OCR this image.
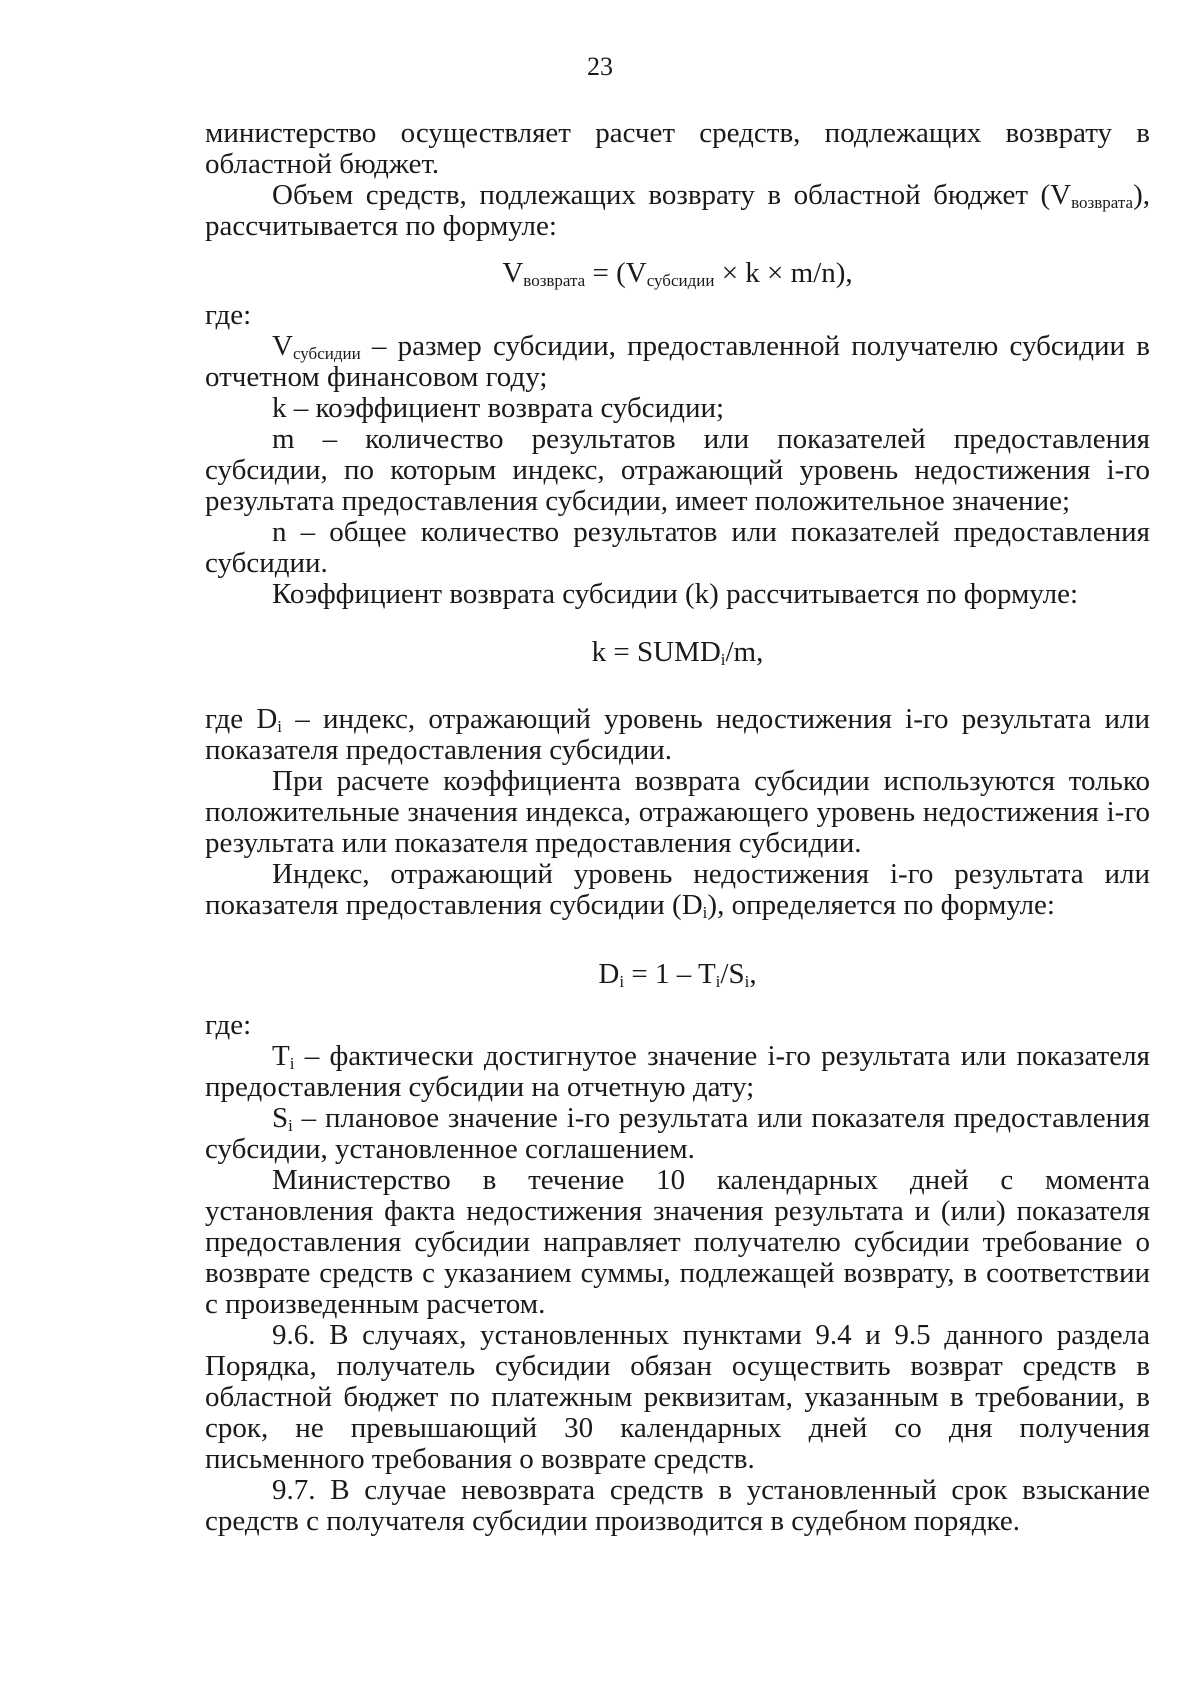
23

министерство осуществляет расчет средств, подлежащих возврату в областной бюджет.

Объем средств, подлежащих возврату в областной бюджет $(V_{возврата})$, рассчитывается по формуле:

$V_{возврата} = (V_{субсидии} \times k \times m/n)$,

где:

$V_{субсидии}$ – размер субсидии, предоставленной получателю субсидии в отчетном финансовом году;

k – коэффициент возврата субсидии;

m – количество результатов или показателей предоставления субсидии, по которым индекс, отражающий уровень недостижения i-го результата предоставления субсидии, имеет положительное значение;

n – общее количество результатов или показателей предоставления субсидии.

Коэффициент возврата субсидии (k) рассчитывается по формуле:

$k = SUMD_i/m$,

где $D_i$ – индекс, отражающий уровень недостижения i-го результата или показателя предоставления субсидии.

При расчете коэффициента возврата субсидии используются только положительные значения индекса, отражающего уровень недостижения i-го результата или показателя предоставления субсидии.

Индекс, отражающий уровень недостижения i-го результата или показателя предоставления субсидии $(D_i)$, определяется по формуле:

$D_i = 1 - T_i/S_i$,

где:

$T_i$ – фактически достигнутое значение i-го результата или показателя предоставления субсидии на отчетную дату;

$S_i$ – плановое значение i-го результата или показателя предоставления субсидии, установленное соглашением.

Министерство в течение 10 календарных дней с момента установления факта недостижения значения результата и (или) показателя предоставления субсидии направляет получателю субсидии требование о возврате средств с указанием суммы, подлежащей возврату, в соответствии с произведенным расчетом.

9.6. В случаях, установленных пунктами 9.4 и 9.5 данного раздела Порядка, получатель субсидии обязан осуществить возврат средств в областной бюджет по платежным реквизитам, указанным в требовании, в срок, не превышающий 30 календарных дней со дня получения письменного требования о возврате средств.

9.7. В случае невозврата средств в установленный срок взыскание средств с получателя субсидии производится в судебном порядке.
